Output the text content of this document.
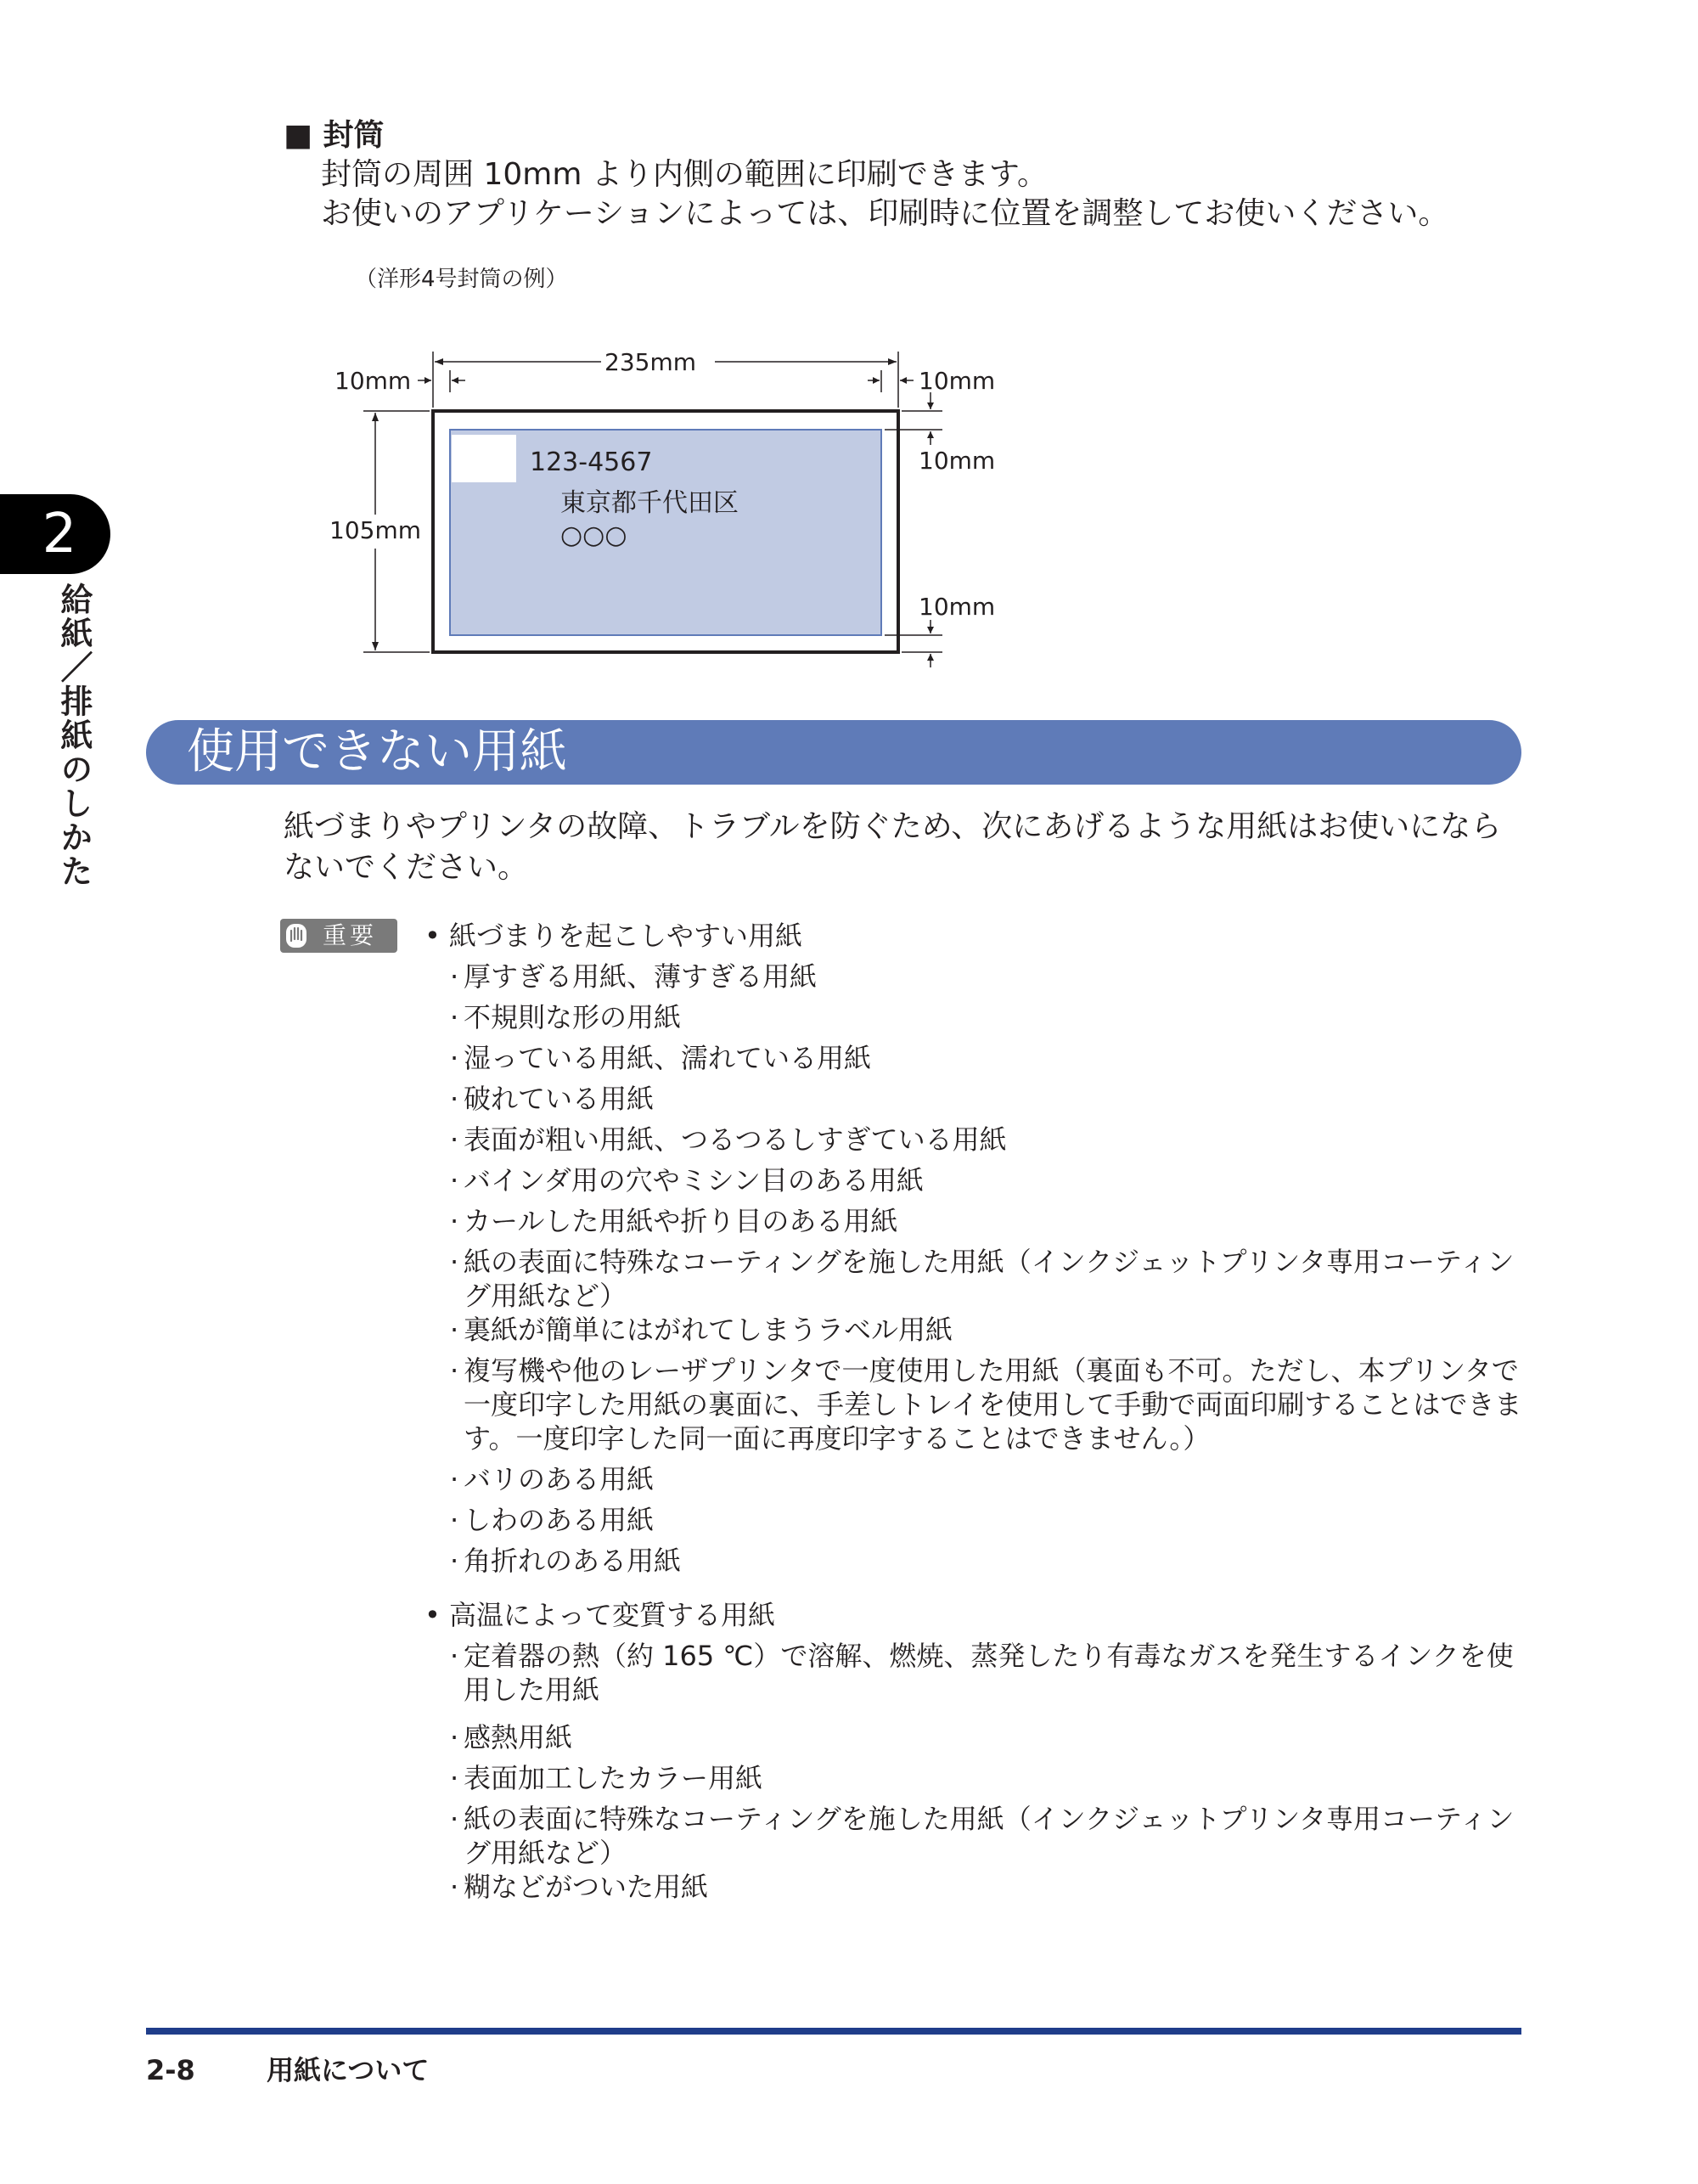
2
給紙／排紙のしかた
■ 封筒
封筒の周囲 10mm より内側の範囲に印刷できます。
お使いのアプリケーションによっては、印刷時に位置を調整してお使いください。
（洋形4号封筒の例）
235mm
10mm	10mm
10mm
10mm
105mm
123-4567
東京都千代田区
○○○
使用できない用紙
紙づまりやプリンタの故障、トラブルを防ぐため、次にあげるような用紙はお使いにならないでください。
重要 • 紙づまりを起こしやすい用紙
· 厚すぎる用紙、薄すぎる用紙
· 不規則な形の用紙
· 湿っている用紙、濡れている用紙
· 破れている用紙
· 表面が粗い用紙、つるつるしすぎている用紙
· バインダ用の穴やミシン目のある用紙
· カールした用紙や折り目のある用紙
· 紙の表面に特殊なコーティングを施した用紙（インクジェットプリンタ専用コーティング用紙など）
· 裏紙が簡単にはがれてしまうラベル用紙
· 複写機や他のレーザプリンタで一度使用した用紙（裏面も不可。ただし、本プリンタで一度印字した用紙の裏面に、手差しトレイを使用して手動で両面印刷することはできます。一度印字した同一面に再度印字することはできません。）
· バリのある用紙
· しわのある用紙
· 角折れのある用紙
• 高温によって変質する用紙
· 定着器の熱（約 165 ℃）で溶解、燃焼、蒸発したり有毒なガスを発生するインクを使用した用紙
· 感熱用紙
· 表面加工したカラー用紙
· 紙の表面に特殊なコーティングを施した用紙（インクジェットプリンタ専用コーティング用紙など）
· 糊などがついた用紙
2-8	用紙について
